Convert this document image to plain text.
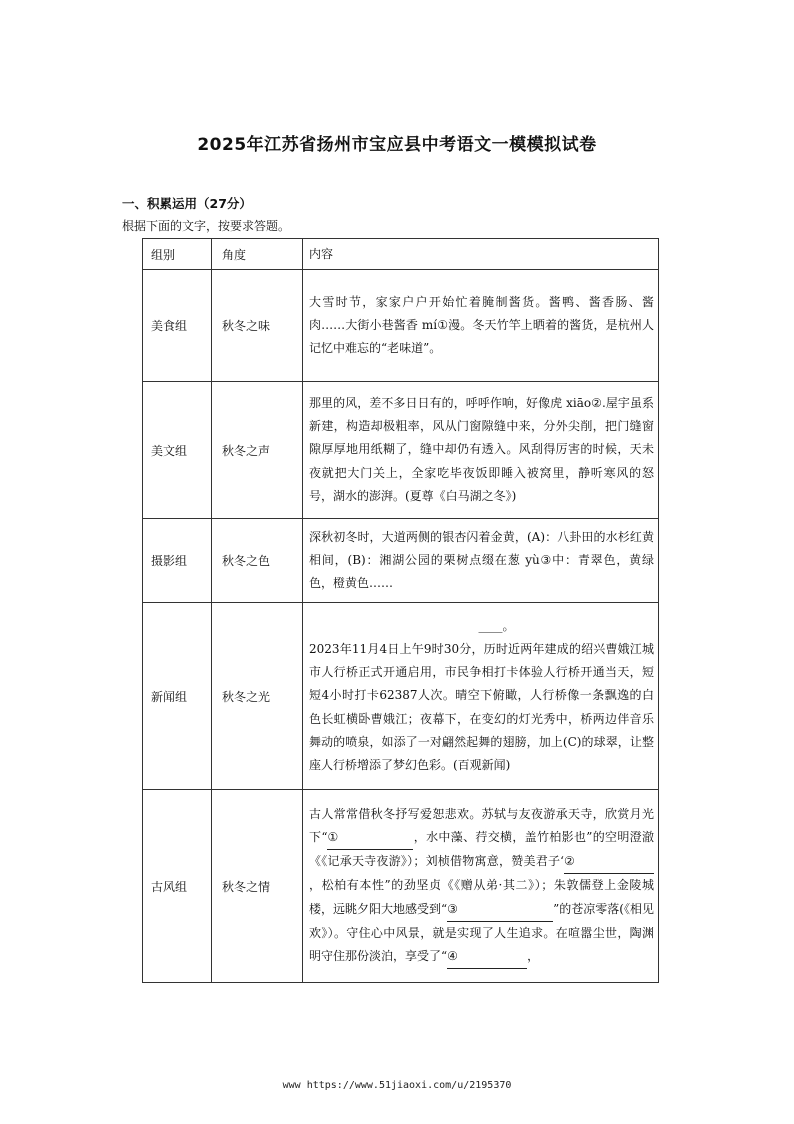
2025年江苏省扬州市宝应县中考语文一模模拟试卷
一、积累运用（27分）
根据下面的文字，按要求答题。
组别	角度	内容
美食组	秋冬之味	大雪时节，家家户户开始忙着腌制酱货。酱鸭、酱香肠、酱肉……大街小巷酱香 mí①漫。冬天竹竿上晒着的酱货，是杭州人记忆中难忘的“老味道”。
美文组	秋冬之声	那里的风，差不多日日有的，呼呼作响，好像虎 xiāo②.屋宇虽系新建，构造却极粗率，风从门窗隙缝中来，分外尖削，把门缝窗隙厚厚地用纸糊了，缝中却仍有透入。风刮得厉害的时候，天未夜就把大门关上，全家吃毕夜饭即睡入被窝里，静听寒风的怒号，湖水的澎湃。(夏尊《白马湖之冬》)
摄影组	秋冬之色	深秋初冬时，大道两侧的银杏闪着金黄，(A)：八卦田的水杉红黄相间，(B)：湘湖公园的栗树点缀在葱 yù③中：青翠色，黄绿色，橙黄色……
新闻组	秋冬之光	____。
2023年11月4日上午9时30分，历时近两年建成的绍兴曹娥江城市人行桥正式开通启用，市民争相打卡体验人行桥开通当天，短短4小时打卡62387人次。晴空下俯瞰，人行桥像一条飘逸的白色长虹横卧曹娥江；夜幕下，在变幻的灯光秀中，桥两边伴音乐舞动的喷泉，如添了一对翩然起舞的翅膀，加上(C)的球翠，让整座人行桥增添了梦幻色彩。(百观新闻)
古风组	秋冬之情	古人常常借秋冬抒写爱恕悲欢。苏轼与友夜游承天寺，欣赏月光下“① ，水中藻、荇交横，盖竹柏影也”的空明澄澈《《记承天寺夜游》）；刘桢借物寓意，赞美君子‘②，松柏有本性”的劲坚贞《《赠从弟·其二》）；朱敦儒登上金陵城楼，远眺夕阳大地感受到“③ ”的苍凉零落(《相见欢》）。守住心中风景，就是实现了人生追求。在喧嚣尘世，陶渊明守住那份淡泊，享受了“④ ，
www https://www.51jiaoxi.com/u/2195370
